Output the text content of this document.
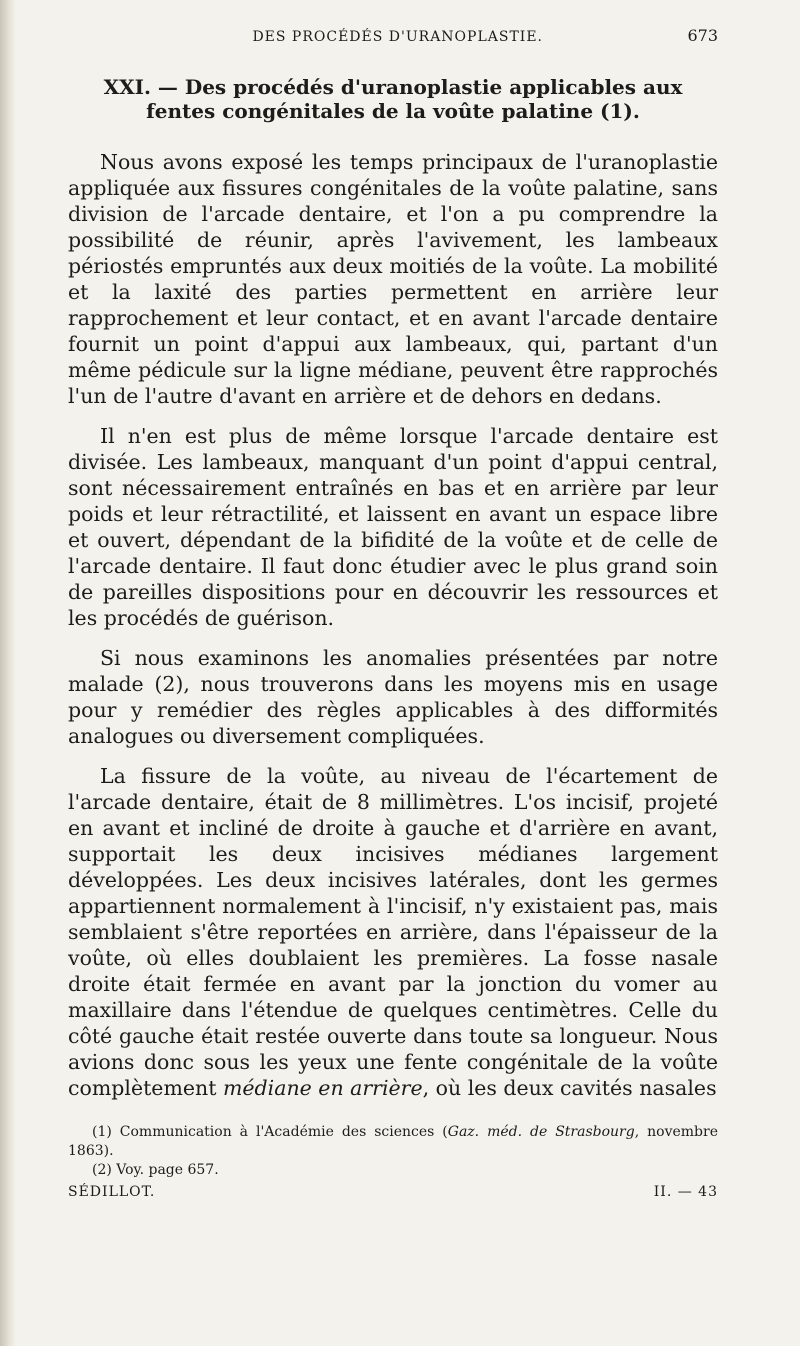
DES PROCÉDÉS D'URANOPLASTIE.	673
XXI. — Des procédés d'uranoplastie applicables aux fentes congénitales de la voûte palatine (1).

Nous avons exposé les temps principaux de l'uranoplastie appliquée aux fissures congénitales de la voûte palatine, sans division de l'arcade dentaire, et l'on a pu comprendre la possibilité de réunir, après l'avivement, les lambeaux périostés empruntés aux deux moitiés de la voûte. La mobilité et la laxité des parties permettent en arrière leur rapprochement et leur contact, et en avant l'arcade dentaire fournit un point d'appui aux lambeaux, qui, partant d'un même pédicule sur la ligne médiane, peuvent être rapprochés l'un de l'autre d'avant en arrière et de dehors en dedans.

Il n'en est plus de même lorsque l'arcade dentaire est divisée. Les lambeaux, manquant d'un point d'appui central, sont nécessairement entraînés en bas et en arrière par leur poids et leur rétractilité, et laissent en avant un espace libre et ouvert, dépendant de la bifidité de la voûte et de celle de l'arcade dentaire. Il faut donc étudier avec le plus grand soin de pareilles dispositions pour en découvrir les ressources et les procédés de guérison.

Si nous examinons les anomalies présentées par notre malade (2), nous trouverons dans les moyens mis en usage pour y remédier des règles applicables à des difformités analogues ou diversement compliquées.

La fissure de la voûte, au niveau de l'écartement de l'arcade dentaire, était de 8 millimètres. L'os incisif, projeté en avant et incliné de droite à gauche et d'arrière en avant, supportait les deux incisives médianes largement développées. Les deux incisives latérales, dont les germes appartiennent normalement à l'incisif, n'y existaient pas, mais semblaient s'être reportées en arrière, dans l'épaisseur de la voûte, où elles doublaient les premières. La fosse nasale droite était fermée en avant par la jonction du vomer au maxillaire dans l'étendue de quelques centimètres. Celle du côté gauche était restée ouverte dans toute sa longueur. Nous avions donc sous les yeux une fente congénitale de la voûte complètement médiane en arrière, où les deux cavités nasales

(1) Communication à l'Académie des sciences (Gaz. méd. de Strasbourg, novembre 1863).

(2) Voy. page 657.

SÉDILLOT.	II. — 43
